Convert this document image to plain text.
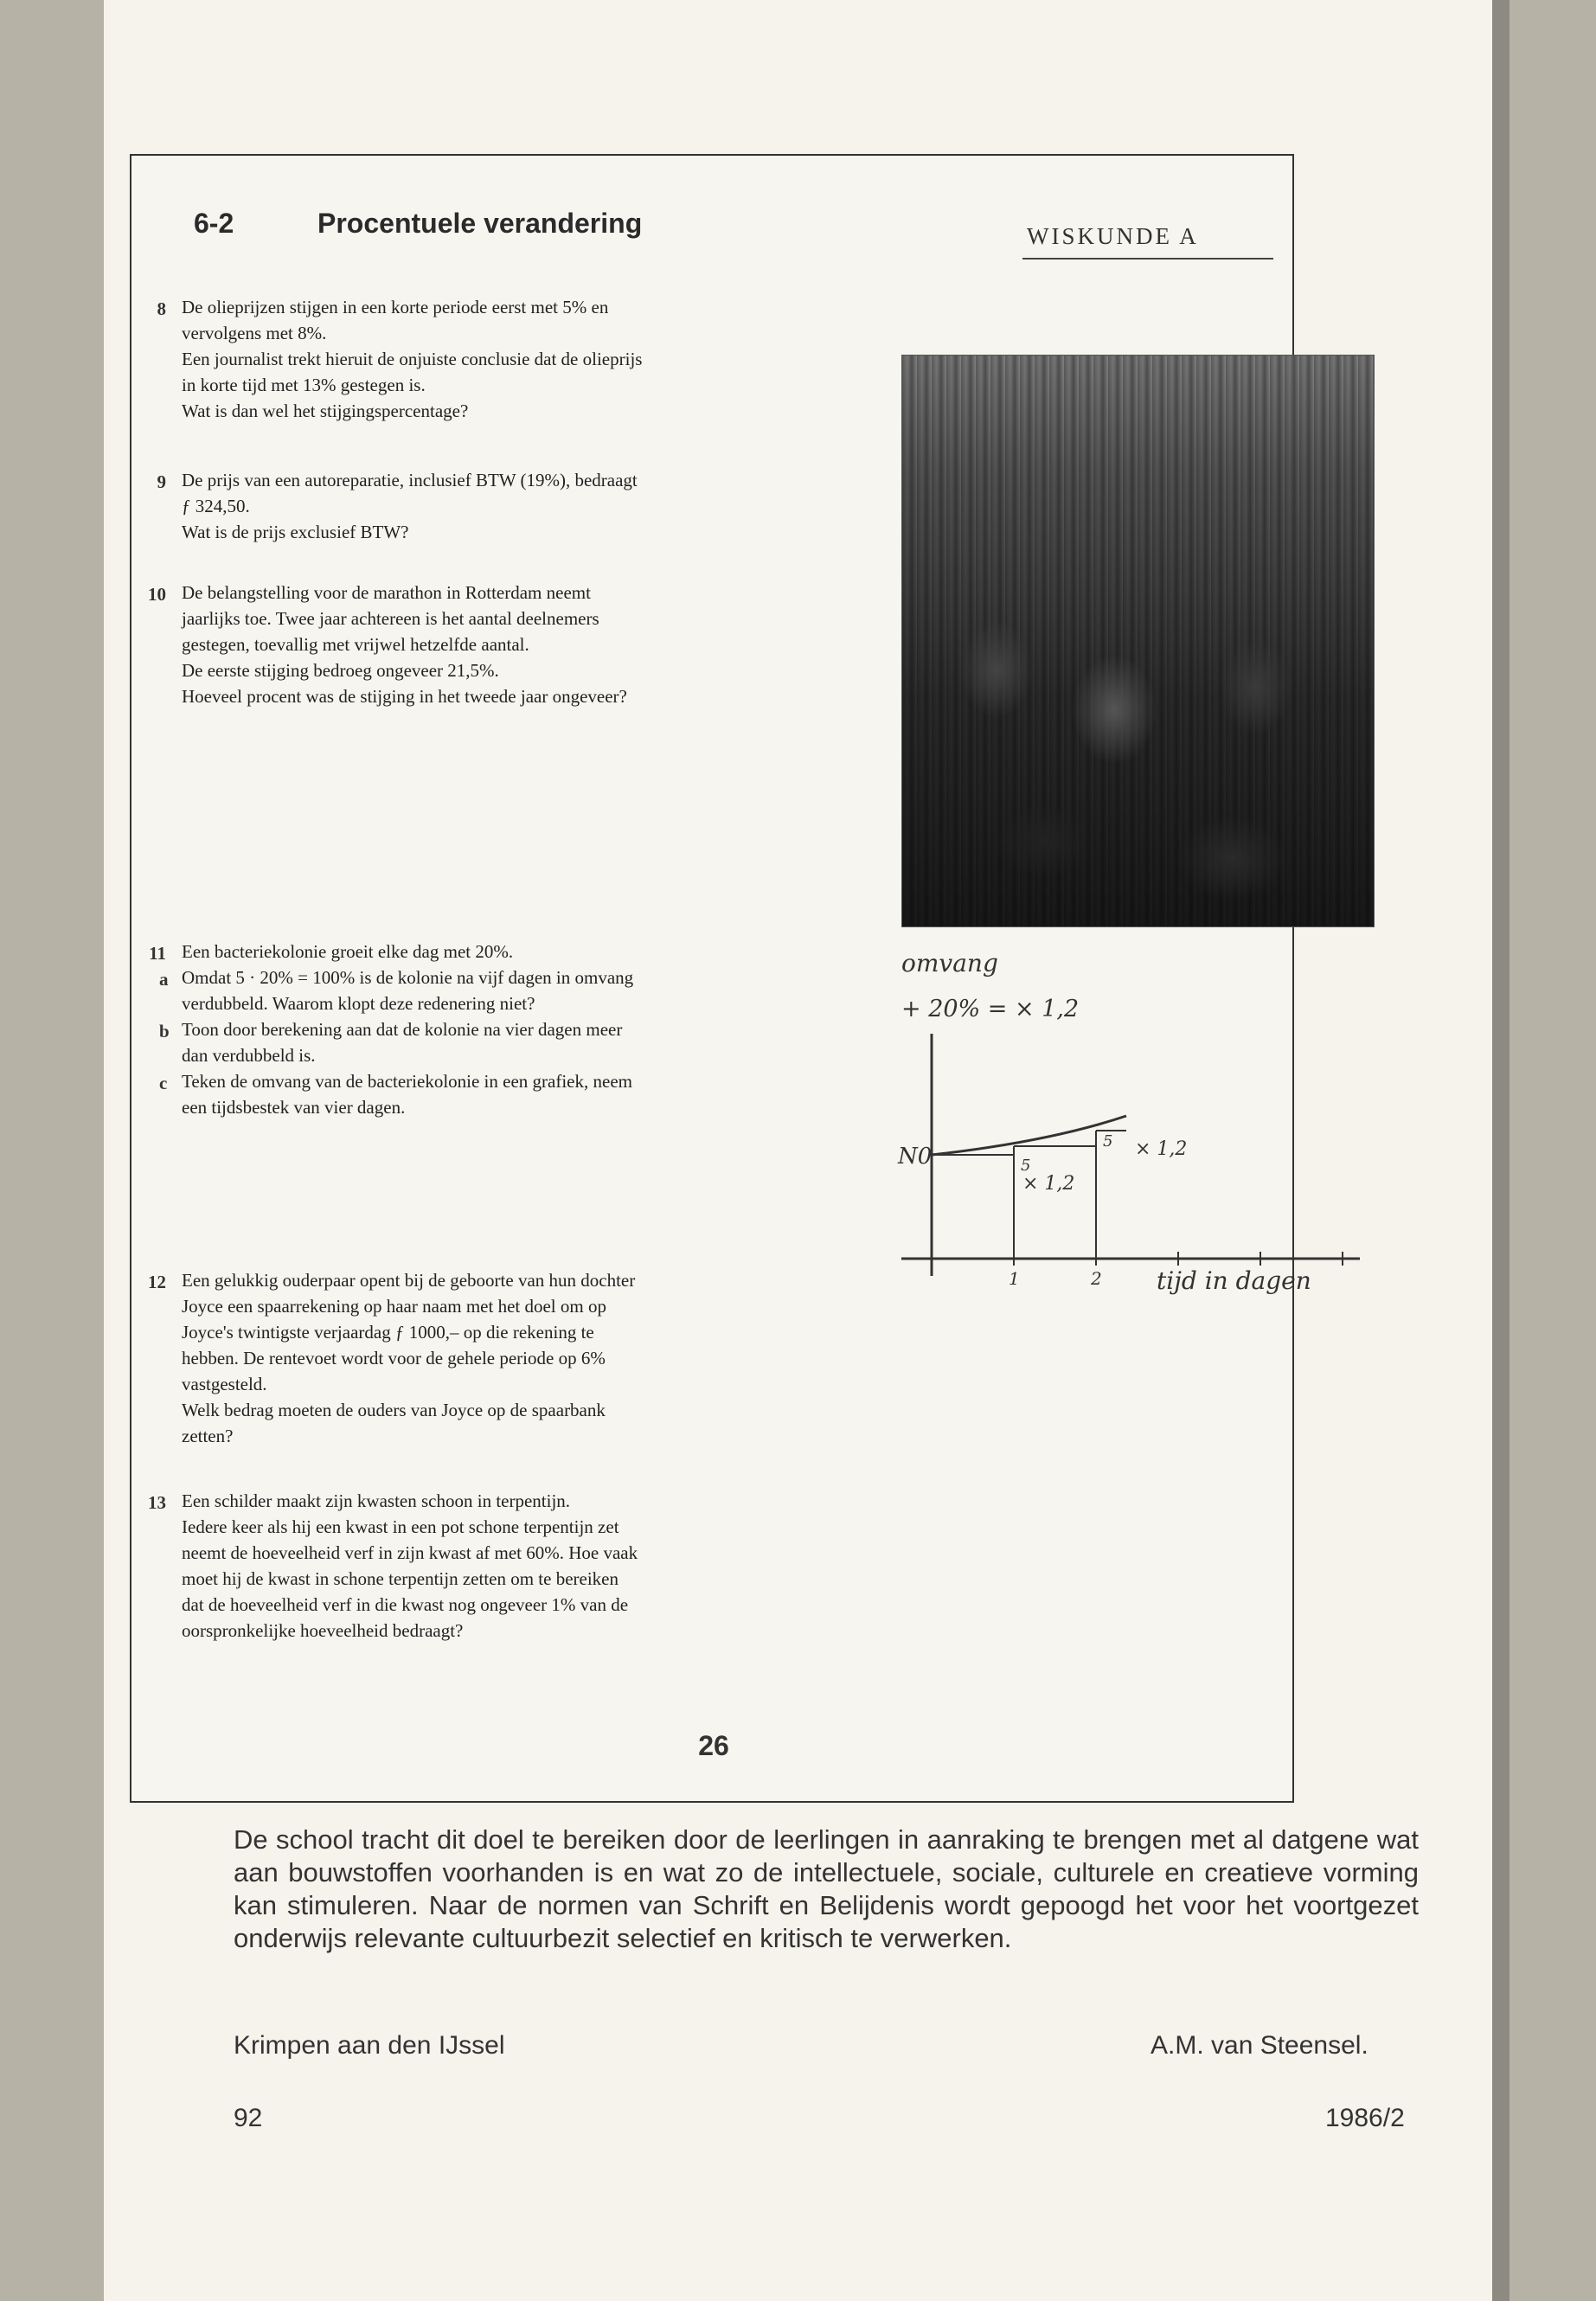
6-2	Procentuele verandering	WISKUNDE A
8 De olieprijzen stijgen in een korte periode eerst met 5% en
vervolgens met 8%.
Een journalist trekt hieruit de onjuiste conclusie dat de olieprijs
in korte tijd met 13% gestegen is.
Wat is dan wel het stijgingspercentage?
9 De prijs van een autoreparatie, inclusief BTW (19%), bedraagt
ƒ 324,50.
Wat is de prijs exclusief BTW?
10 De belangstelling voor de marathon in Rotterdam neemt
jaarlijks toe. Twee jaar achtereen is het aantal deelnemers
gestegen, toevallig met vrijwel hetzelfde aantal.
De eerste stijging bedroeg ongeveer 21,5%.
Hoeveel procent was de stijging in het tweede jaar ongeveer?
11 Een bacteriekolonie groeit elke dag met 20%.
a Omdat 5 · 20% = 100% is de kolonie na vijf dagen in omvang
verdubbeld. Waarom klopt deze redenering niet?
b Toon door berekening aan dat de kolonie na vier dagen meer
dan verdubbeld is.
c Teken de omvang van de bacteriekolonie in een grafiek, neem
een tijdsbestek van vier dagen.
omvang
+ 20% = × 1,2
N0	5
5
× 1,2
× 1,2
1	2 tijd in dagen
12 Een gelukkig ouderpaar opent bij de geboorte van hun dochter
Joyce een spaarrekening op haar naam met het doel om op
Joyce's twintigste verjaardag ƒ 1000,– op die rekening te
hebben. De rentevoet wordt voor de gehele periode op 6%
vastgesteld.
Welk bedrag moeten de ouders van Joyce op de spaarbank
zetten?
13 Een schilder maakt zijn kwasten schoon in terpentijn.
Iedere keer als hij een kwast in een pot schone terpentijn zet
neemt de hoeveelheid verf in zijn kwast af met 60%. Hoe vaak
moet hij de kwast in schone terpentijn zetten om te bereiken
dat de hoeveelheid verf in die kwast nog ongeveer 1% van de
oorspronkelijke hoeveelheid bedraagt?
26
De school tracht dit doel te bereiken door de leerlingen in aanraking te brengen met al datgene wat aan bouwstoffen voorhanden is en wat zo de intellectuele, sociale, culturele en creatieve vorming kan stimuleren. Naar de normen van Schrift en Belijdenis wordt gepoogd het voor het voortgezet onderwijs relevante cultuurbezit selectief en kritisch te verwerken.
Krimpen aan den IJssel	A.M. van Steensel.
92	1986/2
